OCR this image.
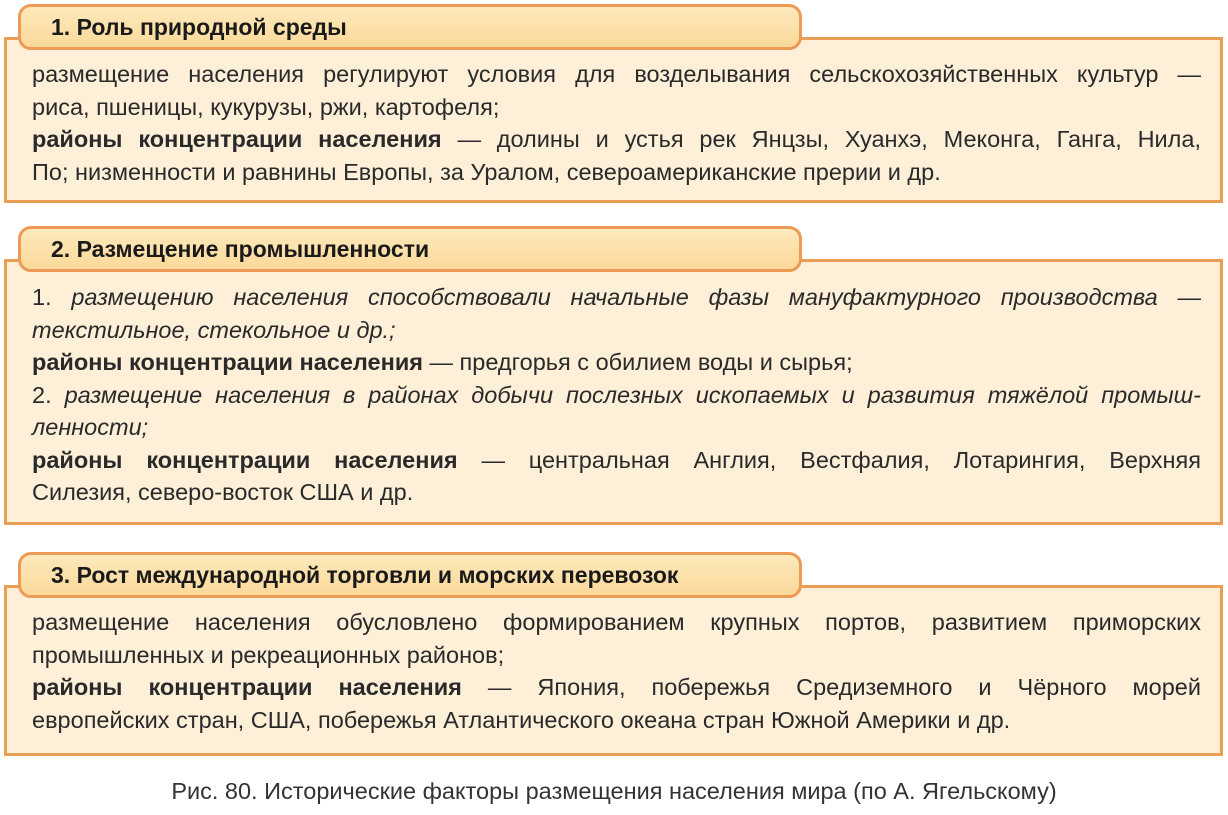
1. Роль природной среды
размещение населения регулируют условия для возделывания сельскохозяйственных культур —
риса, пшеницы, кукурузы, ржи, картофеля;
районы концентрации населения — долины и устья рек Янцзы, Хуанхэ, Меконга, Ганга, Нила,
По; низменности и равнины Европы, за Уралом, североамериканские прерии и др.
2. Размещение промышленности
1. размещению населения способствовали начальные фазы мануфактурного производства —
текстильное, стекольное и др.;
районы концентрации населения — предгорья с обилием воды и сырья;
2. размещение населения в районах добычи послезных ископаемых и развития тяжёлой промыш-
ленности;
районы концентрации населения — центральная Англия, Вестфалия, Лотарингия, Верхняя
Силезия, северо-восток США и др.
3. Рост международной торговли и морских перевозок
размещение населения обусловлено формированием крупных портов, развитием приморских
промышленных и рекреационных районов;
районы концентрации населения — Япония, побережья Средиземного и Чёрного морей
европейских стран, США, побережья Атлантического океана стран Южной Америки и др.
Рис. 80. Исторические факторы размещения населения мира (по А. Ягельскому)
